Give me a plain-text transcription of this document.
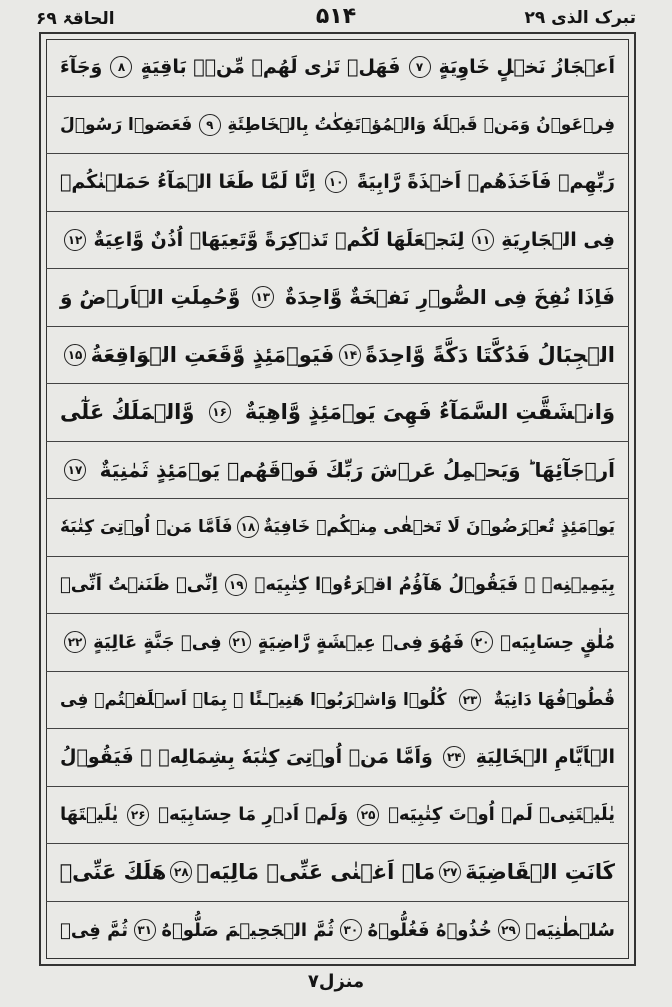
تبرک الذی ۲۹
۵۱۴
الحاقۃ ۶۹
اَعۡجَازُ نَخۡلٍ خَاوِيَةٍ
۷
فَهَلۡ تَرٰى لَهُمۡ مِّنۡۢ بَاقِيَةٍ
۸
وَجَآءَ
فِرۡعَوۡنُ وَمَنۡ قَبۡلَهٗ وَالۡمُؤۡتَفِكٰتُ بِالۡخَاطِئَةِ
۹
فَعَصَوۡا رَسُوۡلَ
رَبِّهِمۡ فَاَخَذَهُمۡ اَخۡذَةً رَّابِيَةً
۱۰
اِنَّا لَمَّا طَغَا الۡمَآءُ حَمَلۡنٰكُمۡ
فِى الۡجَارِيَةِ
۱۱
لِنَجۡعَلَهَا لَكُمۡ تَذۡكِرَةً وَّتَعِيَهَاۤ اُذُنٌ وَّاعِيَةٌ
۱۲
فَاِذَا نُفِخَ فِى الصُّوۡرِ نَفۡخَةٌ وَّاحِدَةٌ
۱۳
وَّحُمِلَتِ الۡاَرۡضُ وَ
الۡجِبَالُ فَدُكَّتَا دَكَّةً وَّاحِدَةً
۱۴
فَيَوۡمَئِذٍ وَّقَعَتِ الۡوَاقِعَةُ
۱۵
وَانۡشَقَّتِ السَّمَآءُ فَهِىَ يَوۡمَئِذٍ وَّاهِيَةٌ
۱۶
وَّالۡمَلَكُ عَلٰٓى
اَرۡجَآئِهَا ؕ وَيَحۡمِلُ عَرۡشَ رَبِّكَ فَوۡقَهُمۡ يَوۡمَئِذٍ ثَمٰنِيَةٌ
۱۷
يَوۡمَئِذٍ تُعۡرَضُوۡنَ لَا تَخۡفٰى مِنۡكُمۡ خَافِيَةٌ
۱۸
فَاَمَّا مَنۡ اُوۡتِىَ كِتٰبَهٗ
بِيَمِيۡنِهٖ ۙ فَيَقُوۡلُ هَآؤُمُ اقۡرَءُوۡا كِتٰبِيَهۡ
۱۹
اِنِّىۡ ظَنَنۡتُ اَنِّىۡ
مُلٰقٍ حِسَابِيَهۡ
۲۰
فَهُوَ فِىۡ عِيۡشَةٍ رَّاضِيَةٍ
۲۱
فِىۡ جَنَّةٍ عَالِيَةٍ
۲۲
قُطُوۡفُهَا دَانِيَةٌ
۲۳
كُلُوۡا وَاشۡرَبُوۡا هَنِيۡٓـئًا ۢ بِمَاۤ اَسۡلَفۡتُمۡ فِى
الۡاَيَّامِ الۡخَالِيَةِ
۲۴
وَاَمَّا مَنۡ اُوۡتِىَ كِتٰبَهٗ بِشِمَالِهٖ ۙ فَيَقُوۡلُ
يٰلَيۡتَنِىۡ لَمۡ اُوۡتَ كِتٰبِيَهۡ
۲۵
وَلَمۡ اَدۡرِ مَا حِسَابِيَهۡ
۲۶
يٰلَيۡتَهَا
كَانَتِ الۡقَاضِيَةَ
۲۷
مَاۤ اَغۡنٰى عَنِّىۡ مَالِيَهۡ
۲۸
هَلَكَ عَنِّىۡ
سُلۡطٰنِيَهۡ
۲۹
خُذُوۡهُ فَغُلُّوۡهُ
۳۰
ثُمَّ الۡجَحِيۡمَ صَلُّوۡهُ
۳۱
ثُمَّ فِىۡ
منزل۷
